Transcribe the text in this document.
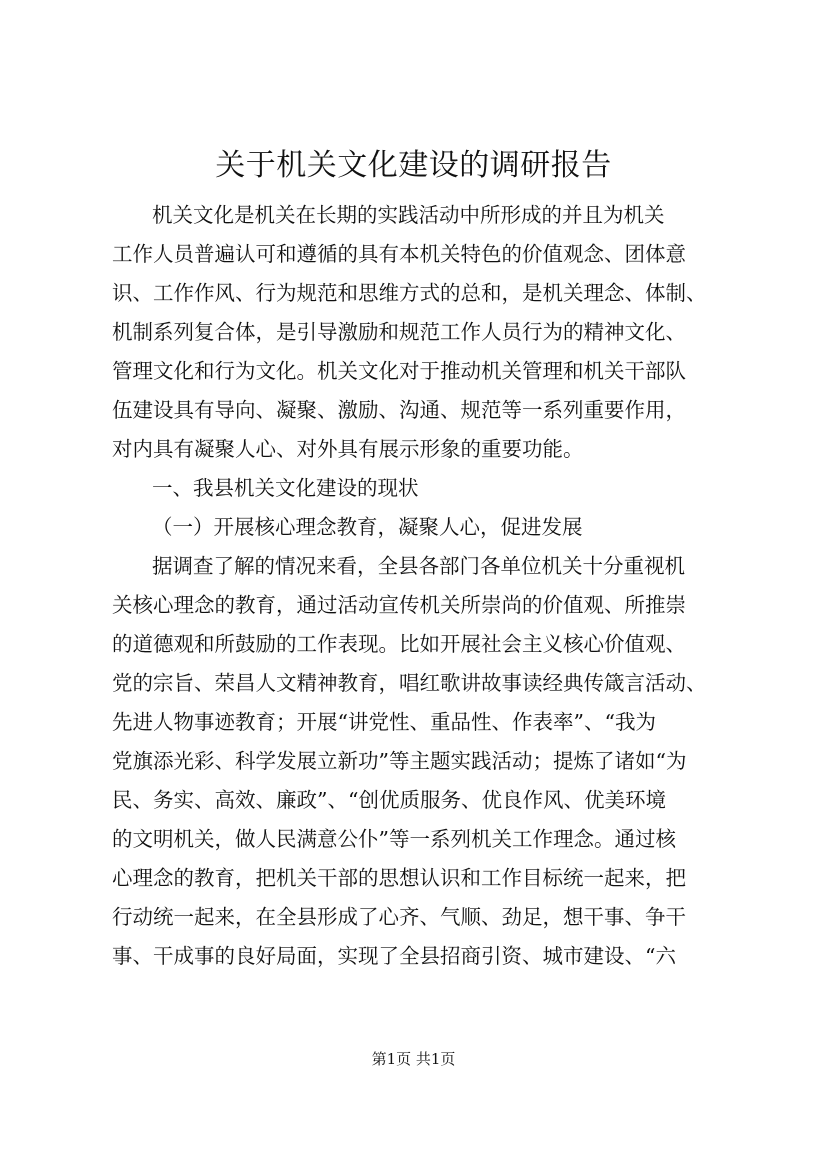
关于机关文化建设的调研报告

机关文化是机关在长期的实践活动中所形成的并且为机关

工作人员普遍认可和遵循的具有本机关特色的价值观念、团体意

识、工作作风、行为规范和思维方式的总和，是机关理念、体制、

机制系列复合体，是引导激励和规范工作人员行为的精神文化、

管理文化和行为文化。机关文化对于推动机关管理和机关干部队

伍建设具有导向、凝聚、激励、沟通、规范等一系列重要作用，

对内具有凝聚人心、对外具有展示形象的重要功能。

一、我县机关文化建设的现状

（一）开展核心理念教育，凝聚人心，促进发展

据调查了解的情况来看，全县各部门各单位机关十分重视机

关核心理念的教育，通过活动宣传机关所崇尚的价值观、所推崇

的道德观和所鼓励的工作表现。比如开展社会主义核心价值观、

党的宗旨、荣昌人文精神教育，唱红歌讲故事读经典传箴言活动、

先进人物事迹教育；开展“讲党性、重品性、作表率”、“我为

党旗添光彩、科学发展立新功”等主题实践活动；提炼了诸如“为

民、务实、高效、廉政”、“创优质服务、优良作风、优美环境

的文明机关，做人民满意公仆”等一系列机关工作理念。通过核

心理念的教育，把机关干部的思想认识和工作目标统一起来，把

行动统一起来，在全县形成了心齐、气顺、劲足，想干事、争干

事、干成事的良好局面，实现了全县招商引资、城市建设、“六

第1页 共1页
